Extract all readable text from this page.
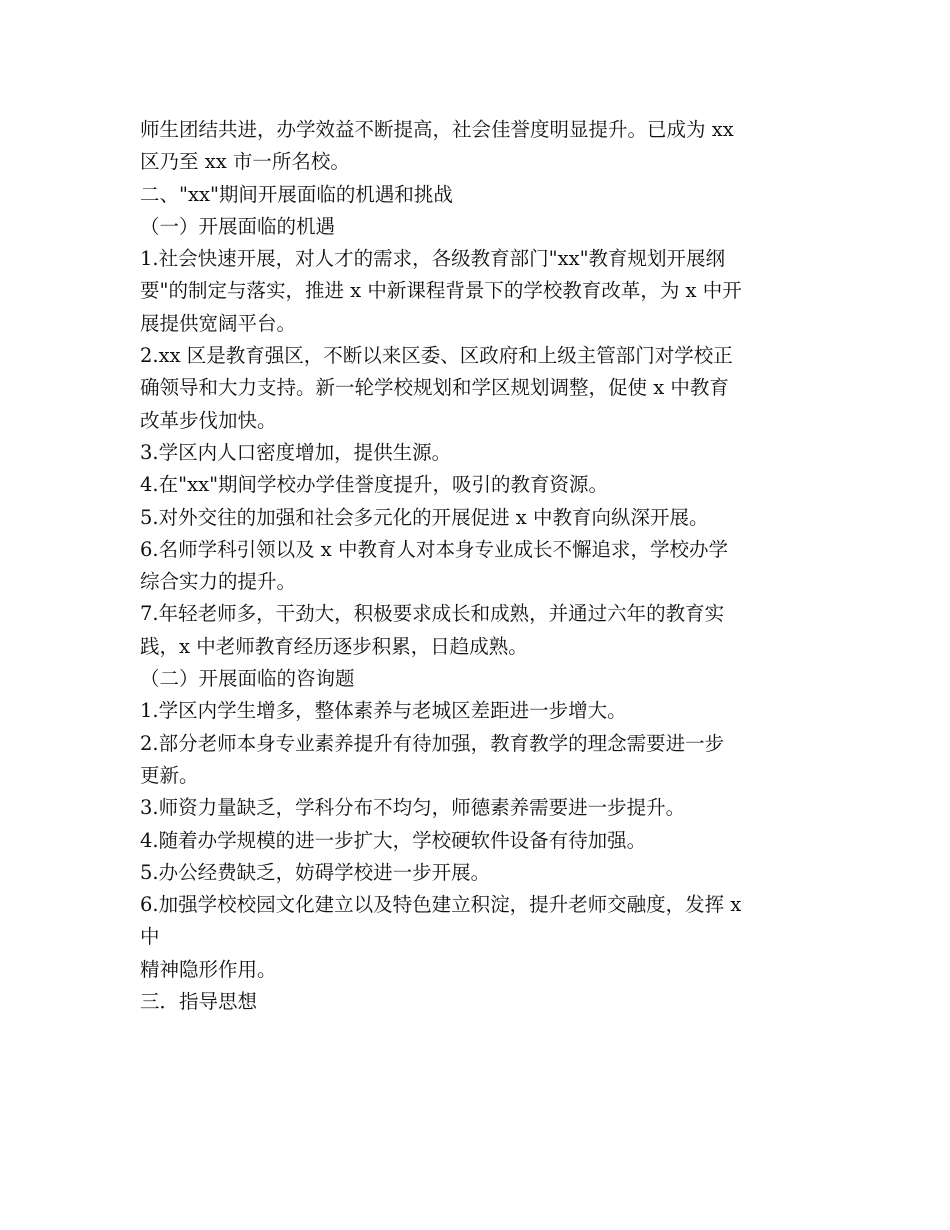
师生团结共进，办学效益不断提高，社会佳誉度明显提升。已成为 xx
区乃至 xx 市一所名校。
二、"xx"期间开展面临的机遇和挑战
（一）开展面临的机遇
1.社会快速开展，对人才的需求，各级教育部门"xx"教育规划开展纲
要"的制定与落实，推进 x 中新课程背景下的学校教育改革，为 x 中开
展提供宽阔平台。
2.xx 区是教育强区，不断以来区委、区政府和上级主管部门对学校正
确领导和大力支持。新一轮学校规划和学区规划调整，促使 x 中教育
改革步伐加快。
3.学区内人口密度增加，提供生源。
4.在"xx"期间学校办学佳誉度提升，吸引的教育资源。
5.对外交往的加强和社会多元化的开展促进 x 中教育向纵深开展。
6.名师学科引领以及 x 中教育人对本身专业成长不懈追求，学校办学
综合实力的提升。
7.年轻老师多，干劲大，积极要求成长和成熟，并通过六年的教育实
践，x 中老师教育经历逐步积累，日趋成熟。
（二）开展面临的咨询题
1.学区内学生增多，整体素养与老城区差距进一步增大。
2.部分老师本身专业素养提升有待加强，教育教学的理念需要进一步
更新。
3.师资力量缺乏，学科分布不均匀，师德素养需要进一步提升。
4.随着办学规模的进一步扩大，学校硬软件设备有待加强。
5.办公经费缺乏，妨碍学校进一步开展。
6.加强学校校园文化建立以及特色建立积淀，提升老师交融度，发挥 x
中
精神隐形作用。
三．指导思想
